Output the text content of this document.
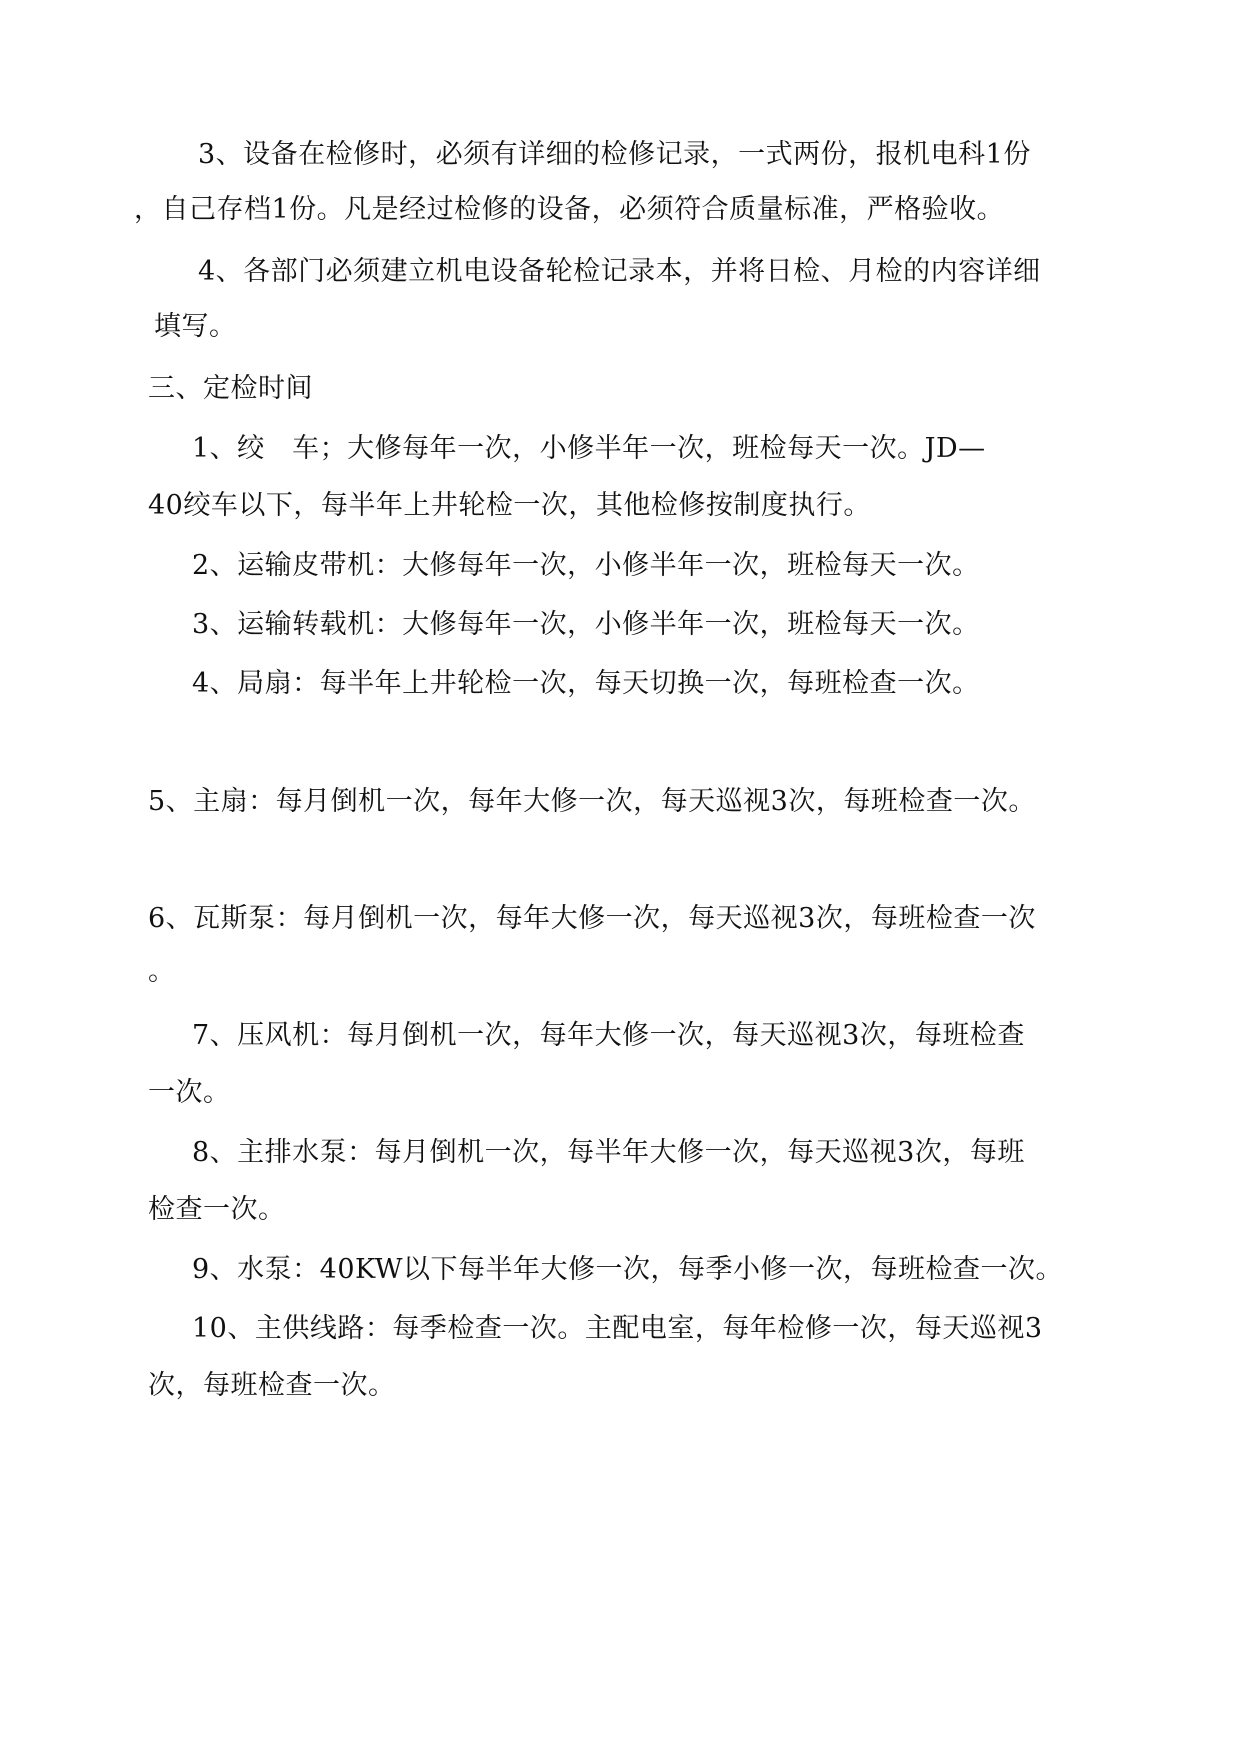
3、设备在检修时，必须有详细的检修记录，一式两份，报机电科1份
，自己存档1份。凡是经过检修的设备，必须符合质量标准，严格验收。
4、各部门必须建立机电设备轮检记录本，并将日检、月检的内容详细
填写。
三、定检时间
1、绞　车；大修每年一次，小修半年一次，班检每天一次。JD—
40绞车以下，每半年上井轮检一次，其他检修按制度执行。
2、运输皮带机：大修每年一次，小修半年一次，班检每天一次。
3、运输转载机：大修每年一次，小修半年一次，班检每天一次。
4、局扇：每半年上井轮检一次，每天切换一次，每班检查一次。
5、主扇：每月倒机一次，每年大修一次，每天巡视3次，每班检查一次。
6、瓦斯泵：每月倒机一次，每年大修一次，每天巡视3次，每班检查一次
。
7、压风机：每月倒机一次，每年大修一次，每天巡视3次，每班检查
一次。
8、主排水泵：每月倒机一次，每半年大修一次，每天巡视3次，每班
检查一次。
9、水泵：40KW以下每半年大修一次，每季小修一次，每班检查一次。
10、主供线路：每季检查一次。主配电室，每年检修一次，每天巡视3
次，每班检查一次。
